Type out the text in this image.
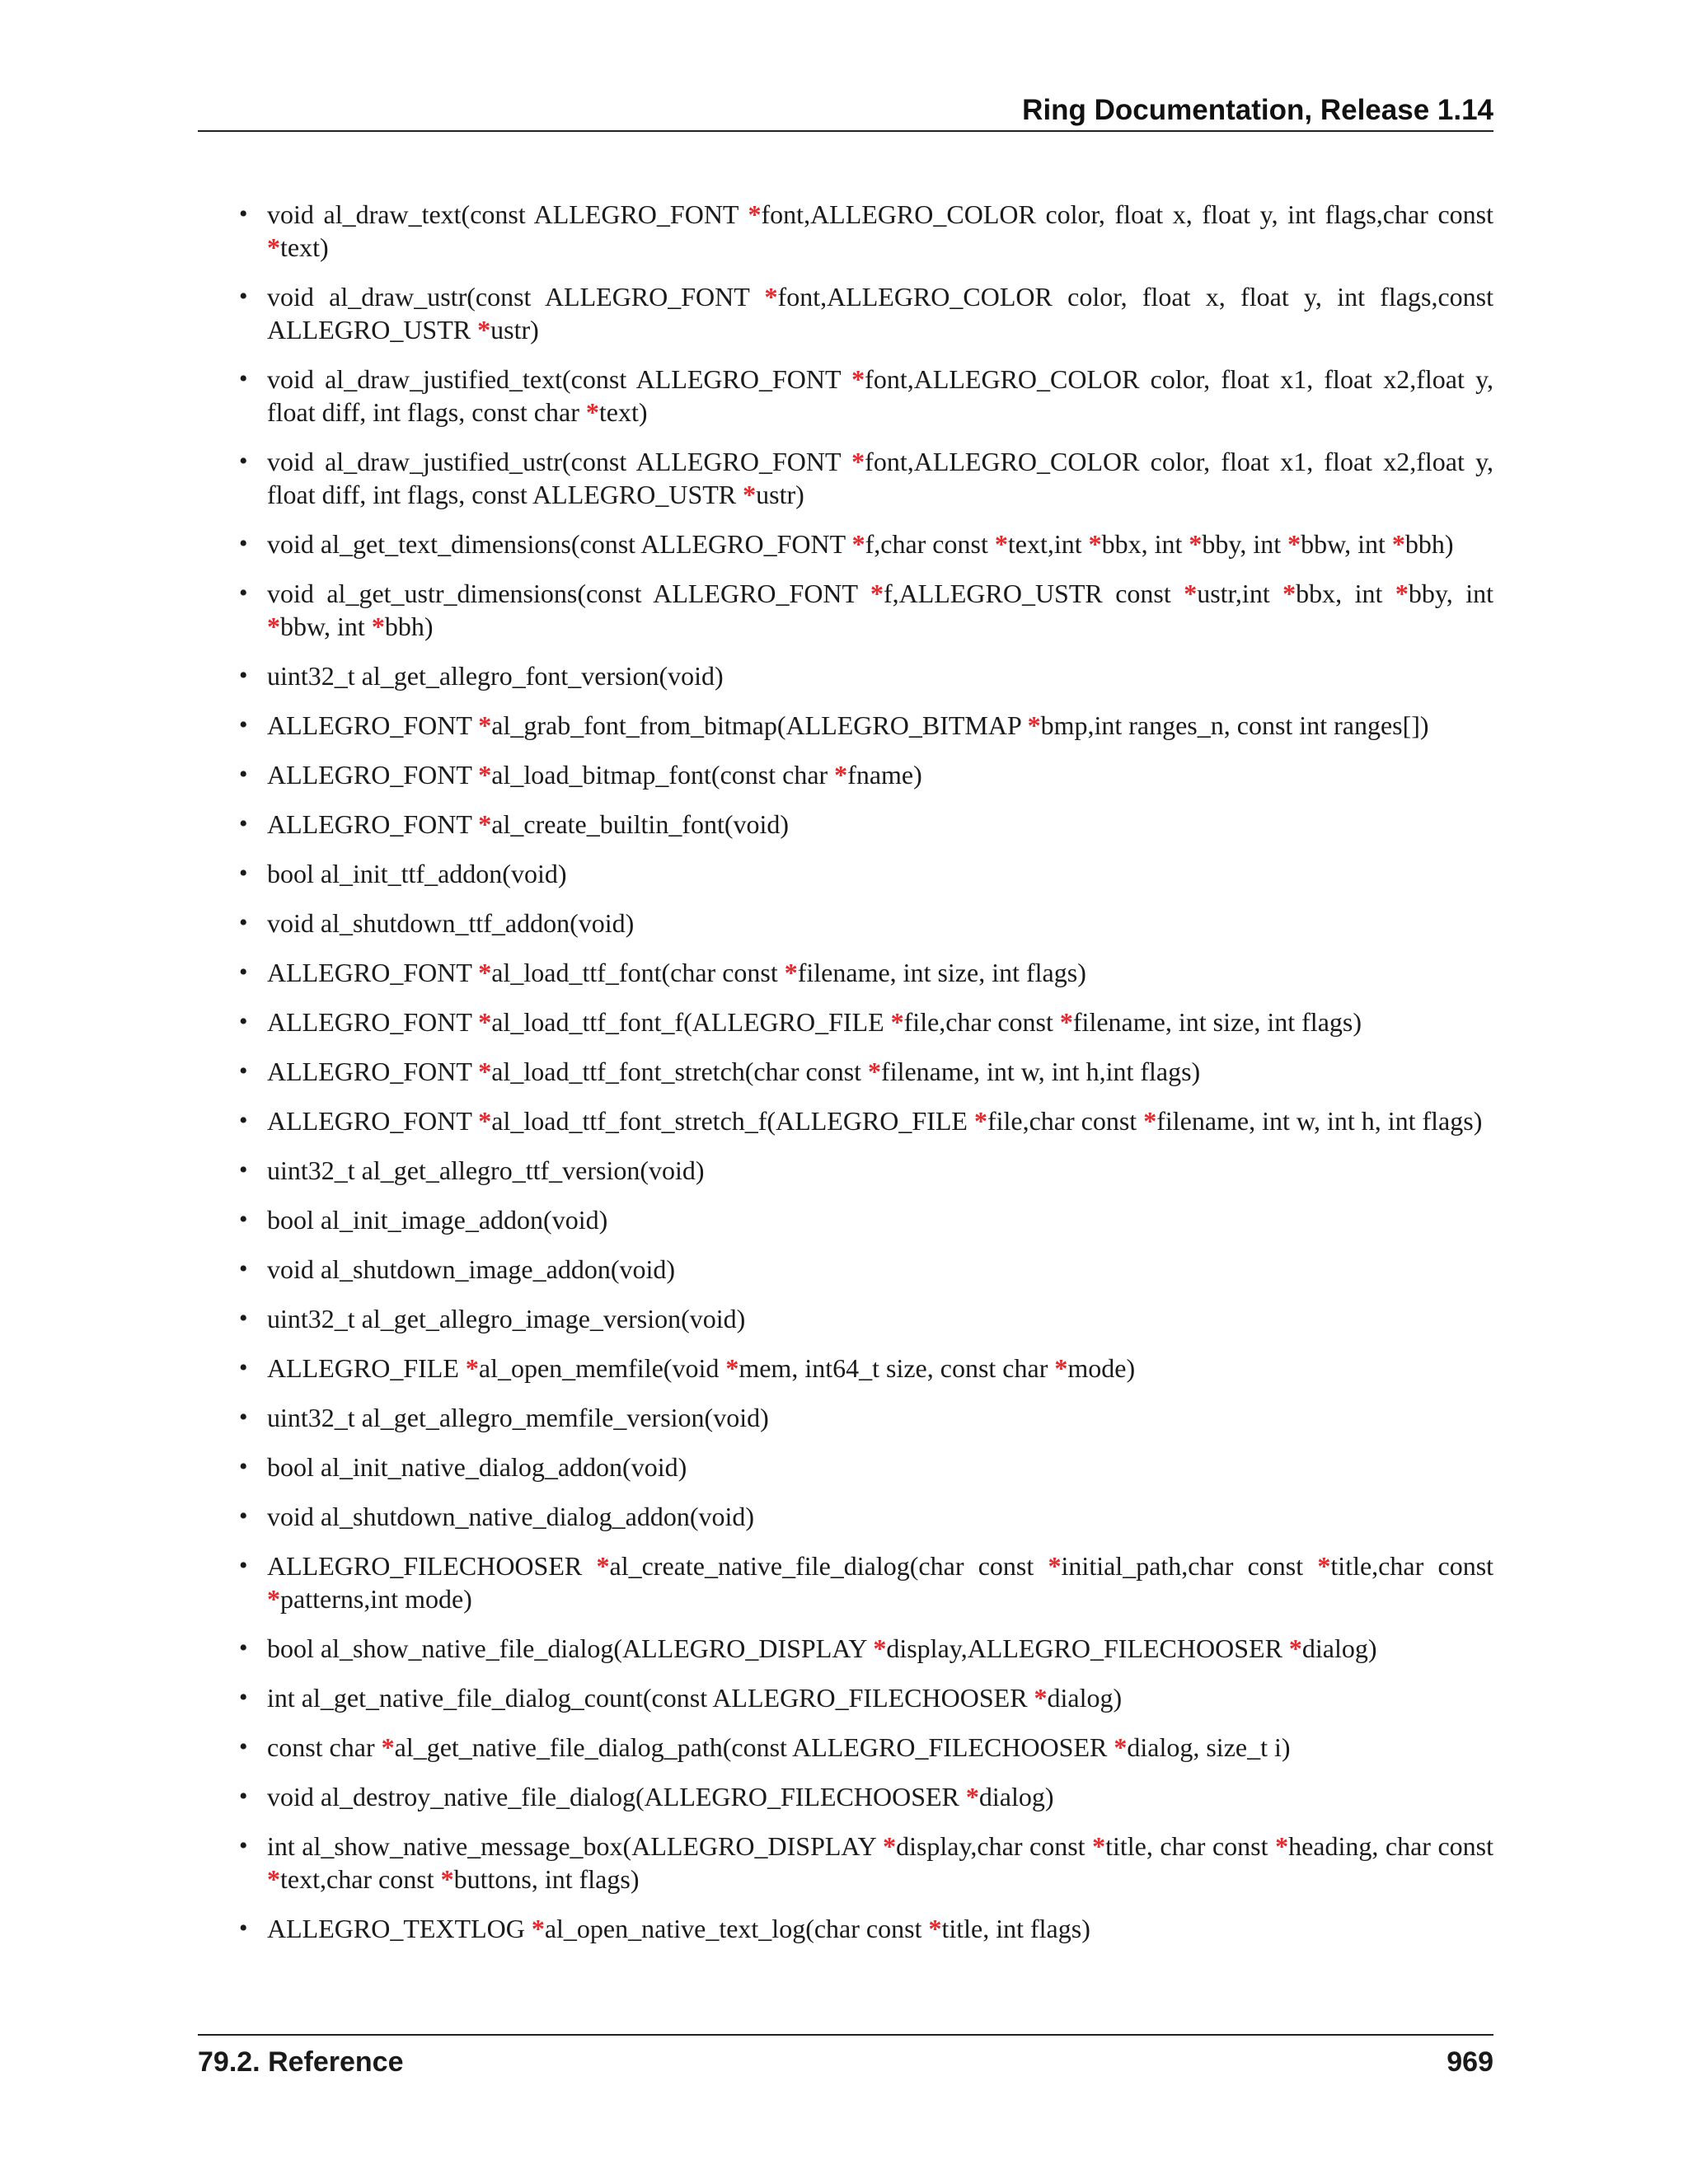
Ring Documentation, Release 1.14
• void al_draw_text(const ALLEGRO_FONT *font,ALLEGRO_COLOR color, float x, float y, int flags,char const *text)
• void al_draw_ustr(const ALLEGRO_FONT *font,ALLEGRO_COLOR color, float x, float y, int flags,const ALLEGRO_USTR *ustr)
• void al_draw_justified_text(const ALLEGRO_FONT *font,ALLEGRO_COLOR color, float x1, float x2,float y, float diff, int flags, const char *text)
• void al_draw_justified_ustr(const ALLEGRO_FONT *font,ALLEGRO_COLOR color, float x1, float x2,float y, float diff, int flags, const ALLEGRO_USTR *ustr)
• void al_get_text_dimensions(const ALLEGRO_FONT *f,char const *text,int *bbx, int *bby, int *bbw, int *bbh)
• void al_get_ustr_dimensions(const ALLEGRO_FONT *f,ALLEGRO_USTR const *ustr,int *bbx, int *bby, int *bbw, int *bbh)
• uint32_t al_get_allegro_font_version(void)
• ALLEGRO_FONT *al_grab_font_from_bitmap(ALLEGRO_BITMAP *bmp,int ranges_n, const int ranges[])
• ALLEGRO_FONT *al_load_bitmap_font(const char *fname)
• ALLEGRO_FONT *al_create_builtin_font(void)
• bool al_init_ttf_addon(void)
• void al_shutdown_ttf_addon(void)
• ALLEGRO_FONT *al_load_ttf_font(char const *filename, int size, int flags)
• ALLEGRO_FONT *al_load_ttf_font_f(ALLEGRO_FILE *file,char const *filename, int size, int flags)
• ALLEGRO_FONT *al_load_ttf_font_stretch(char const *filename, int w, int h,int flags)
• ALLEGRO_FONT *al_load_ttf_font_stretch_f(ALLEGRO_FILE *file,char const *filename, int w, int h, int flags)
• uint32_t al_get_allegro_ttf_version(void)
• bool al_init_image_addon(void)
• void al_shutdown_image_addon(void)
• uint32_t al_get_allegro_image_version(void)
• ALLEGRO_FILE *al_open_memfile(void *mem, int64_t size, const char *mode)
• uint32_t al_get_allegro_memfile_version(void)
• bool al_init_native_dialog_addon(void)
• void al_shutdown_native_dialog_addon(void)
• ALLEGRO_FILECHOOSER *al_create_native_file_dialog(char const *initial_path,char const *title,char const *patterns,int mode)
• bool al_show_native_file_dialog(ALLEGRO_DISPLAY *display,ALLEGRO_FILECHOOSER *dialog)
• int al_get_native_file_dialog_count(const ALLEGRO_FILECHOOSER *dialog)
• const char *al_get_native_file_dialog_path(const ALLEGRO_FILECHOOSER *dialog, size_t i)
• void al_destroy_native_file_dialog(ALLEGRO_FILECHOOSER *dialog)
• int al_show_native_message_box(ALLEGRO_DISPLAY *display,char const *title, char const *heading, char const *text,char const *buttons, int flags)
• ALLEGRO_TEXTLOG *al_open_native_text_log(char const *title, int flags)
79.2. Reference	969
